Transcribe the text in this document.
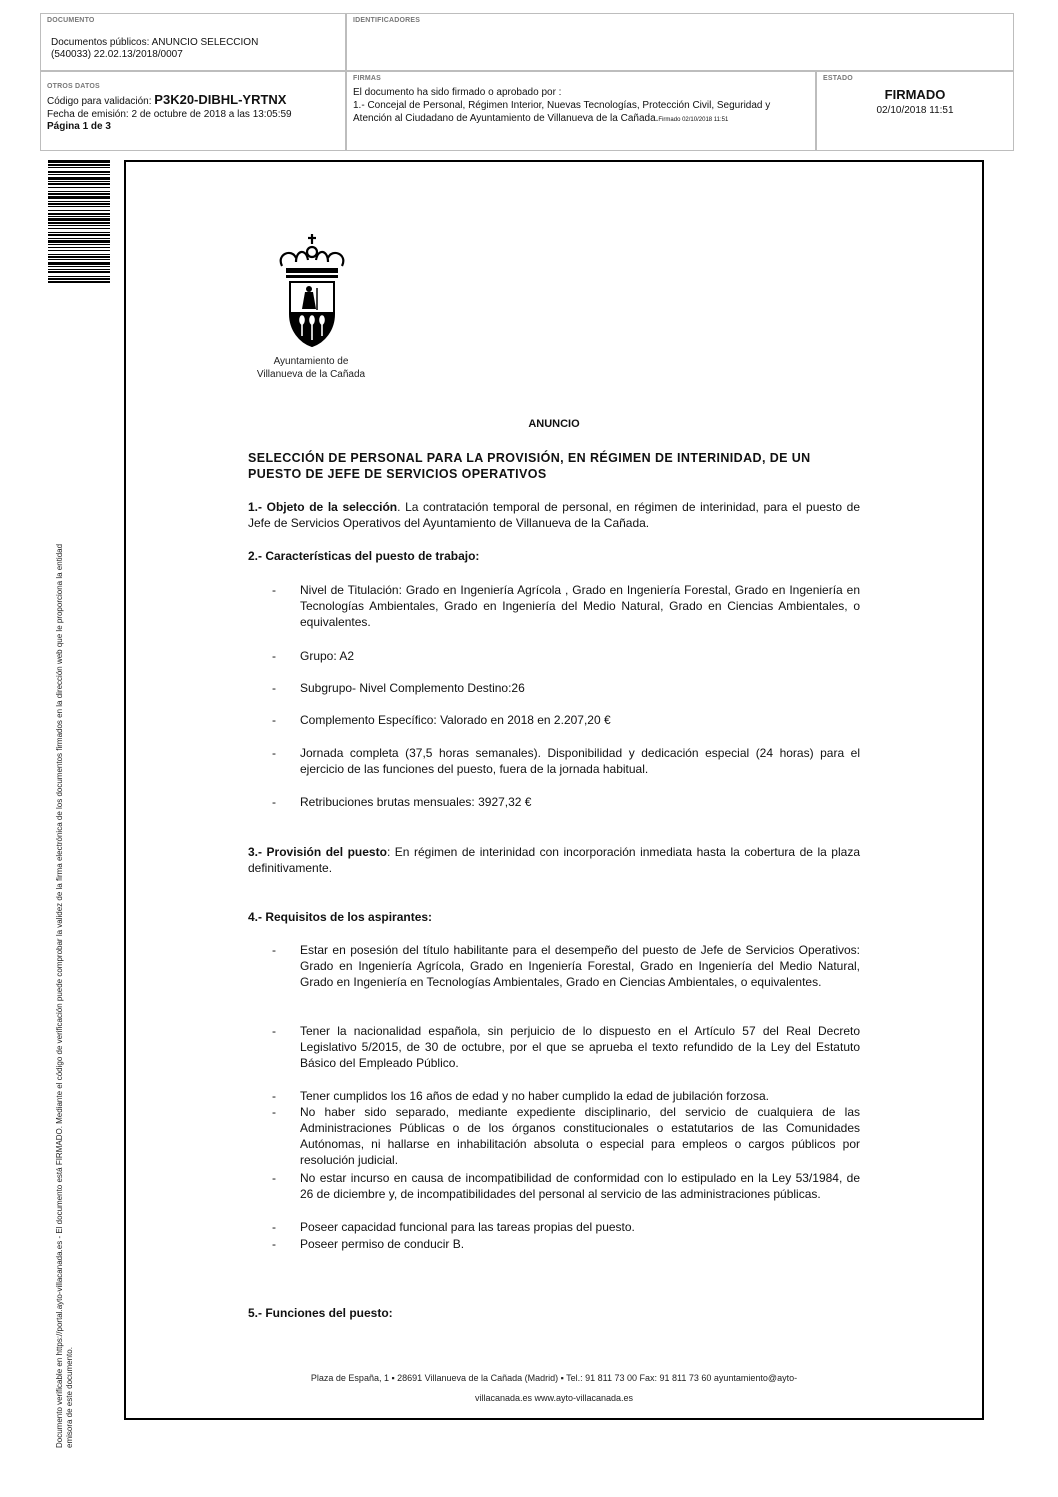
DOCUMENTO
Documentos públicos: ANUNCIO SELECCION
(540033) 22.02.13/2018/0007
IDENTIFICADORES
OTROS DATOS
Código para validación: P3K20-DIBHL-YRTNX
Fecha de emisión: 2 de octubre de 2018 a las 13:05:59
Página 1 de 3
FIRMAS
El documento ha sido firmado o aprobado por :
1.- Concejal de Personal, Régimen Interior, Nuevas Tecnologías, Protección Civil, Seguridad y
Atención al Ciudadano de Ayuntamiento de Villanueva de la Cañada.Firmado 02/10/2018 11:51
ESTADO
FIRMADO
02/10/2018 11:51
Documento verificable en https://portal.ayto-villacanada.es - El documento está FIRMADO. Mediante el código de verificación puede comprobar la validez de la firma electrónica de los documentos firmados en la dirección web que le proporciona la entidad emisora de este documento.
Ayuntamiento de
Villanueva de la Cañada
ANUNCIO
SELECCIÓN DE PERSONAL PARA LA PROVISIÓN, EN RÉGIMEN DE INTERINIDAD, DE UN PUESTO DE JEFE DE SERVICIOS OPERATIVOS
1.- Objeto de la selección. La contratación temporal de personal, en régimen de interinidad, para el puesto de Jefe de Servicios Operativos del Ayuntamiento de Villanueva de la Cañada.
2.- Características del puesto de trabajo:
- Nivel de Titulación: Grado en Ingeniería Agrícola , Grado en Ingeniería Forestal, Grado en Ingeniería en Tecnologías Ambientales, Grado en Ingeniería del Medio Natural, Grado en Ciencias Ambientales, o equivalentes.
- Grupo: A2
- Subgrupo- Nivel Complemento Destino:26
- Complemento Específico: Valorado en 2018 en 2.207,20 €
- Jornada completa (37,5 horas semanales). Disponibilidad y dedicación especial (24 horas) para el ejercicio de las funciones del puesto, fuera de la jornada habitual.
- Retribuciones brutas mensuales: 3927,32 €
3.- Provisión del puesto: En régimen de interinidad con incorporación inmediata hasta la cobertura de la plaza definitivamente.
4.- Requisitos de los aspirantes:
- Estar en posesión del título habilitante para el desempeño del puesto de Jefe de Servicios Operativos: Grado en Ingeniería Agrícola, Grado en Ingeniería Forestal, Grado en Ingeniería del Medio Natural, Grado en Ingeniería en Tecnologías Ambientales, Grado en Ciencias Ambientales, o equivalentes.
- Tener la nacionalidad española, sin perjuicio de lo dispuesto en el Artículo 57 del Real Decreto Legislativo 5/2015, de 30 de octubre, por el que se aprueba el texto refundido de la Ley del Estatuto Básico del Empleado Público.
- Tener cumplidos los 16 años de edad y no haber cumplido la edad de jubilación forzosa.
- No haber sido separado, mediante expediente disciplinario, del servicio de cualquiera de las Administraciones Públicas o de los órganos constitucionales o estatutarios de las Comunidades Autónomas, ni hallarse en inhabilitación absoluta o especial para empleos o cargos públicos por resolución judicial.
- No estar incurso en causa de incompatibilidad de conformidad con lo estipulado en la Ley 53/1984, de 26 de diciembre y, de incompatibilidades del personal al servicio de las administraciones públicas.
- Poseer capacidad funcional para las tareas propias del puesto.
- Poseer permiso de conducir B.
5.- Funciones del puesto:
Plaza de España, 1 ▪ 28691 Villanueva de la Cañada (Madrid) ▪ Tel.: 91 811 73 00 Fax: 91 811 73 60 ayuntamiento@ayto-
villacanada.es www.ayto-villacanada.es
